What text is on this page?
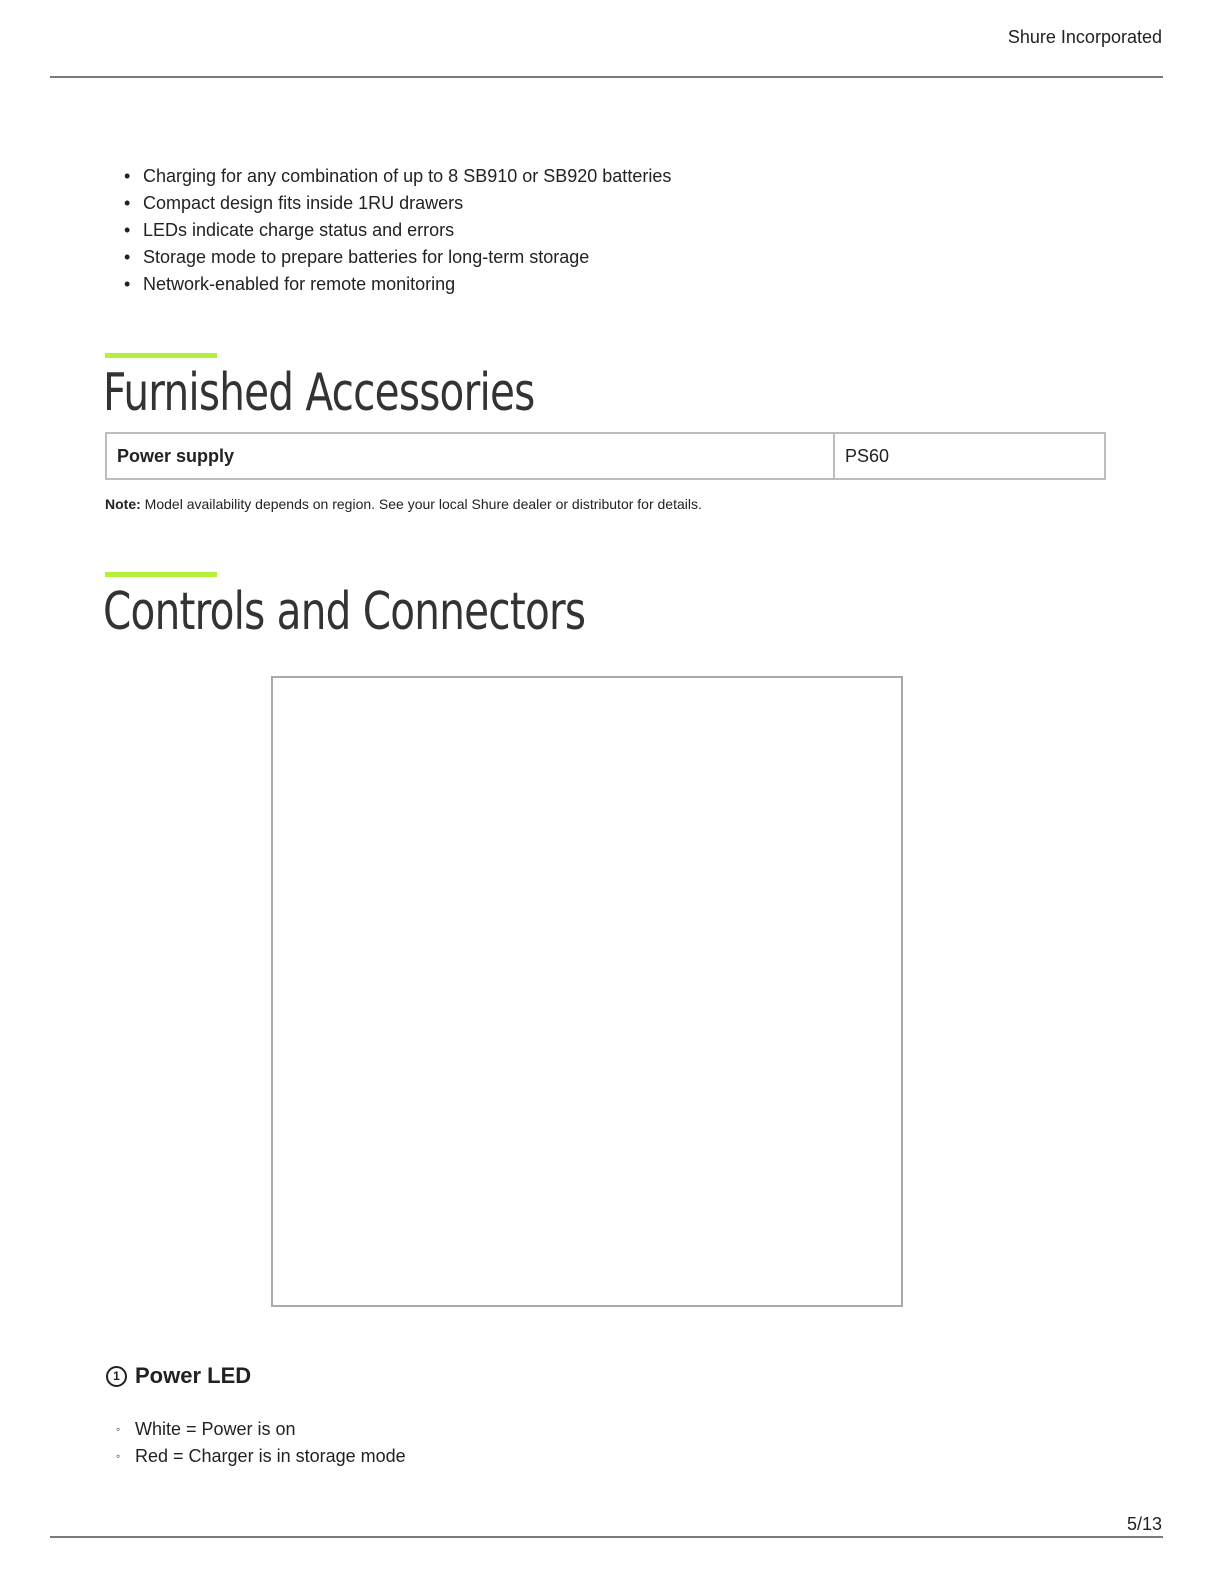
Shure Incorporated
• Charging for any combination of up to 8 SB910 or SB920 batteries
• Compact design fits inside 1RU drawers
• LEDs indicate charge status and errors
• Storage mode to prepare batteries for long-term storage
• Network-enabled for remote monitoring
Furnished Accessories
Power supply	PS60
Note: Model availability depends on region. See your local Shure dealer or distributor for details.
Controls and Connectors
1 Power LED
◦ White = Power is on
◦ Red = Charger is in storage mode
5/13
